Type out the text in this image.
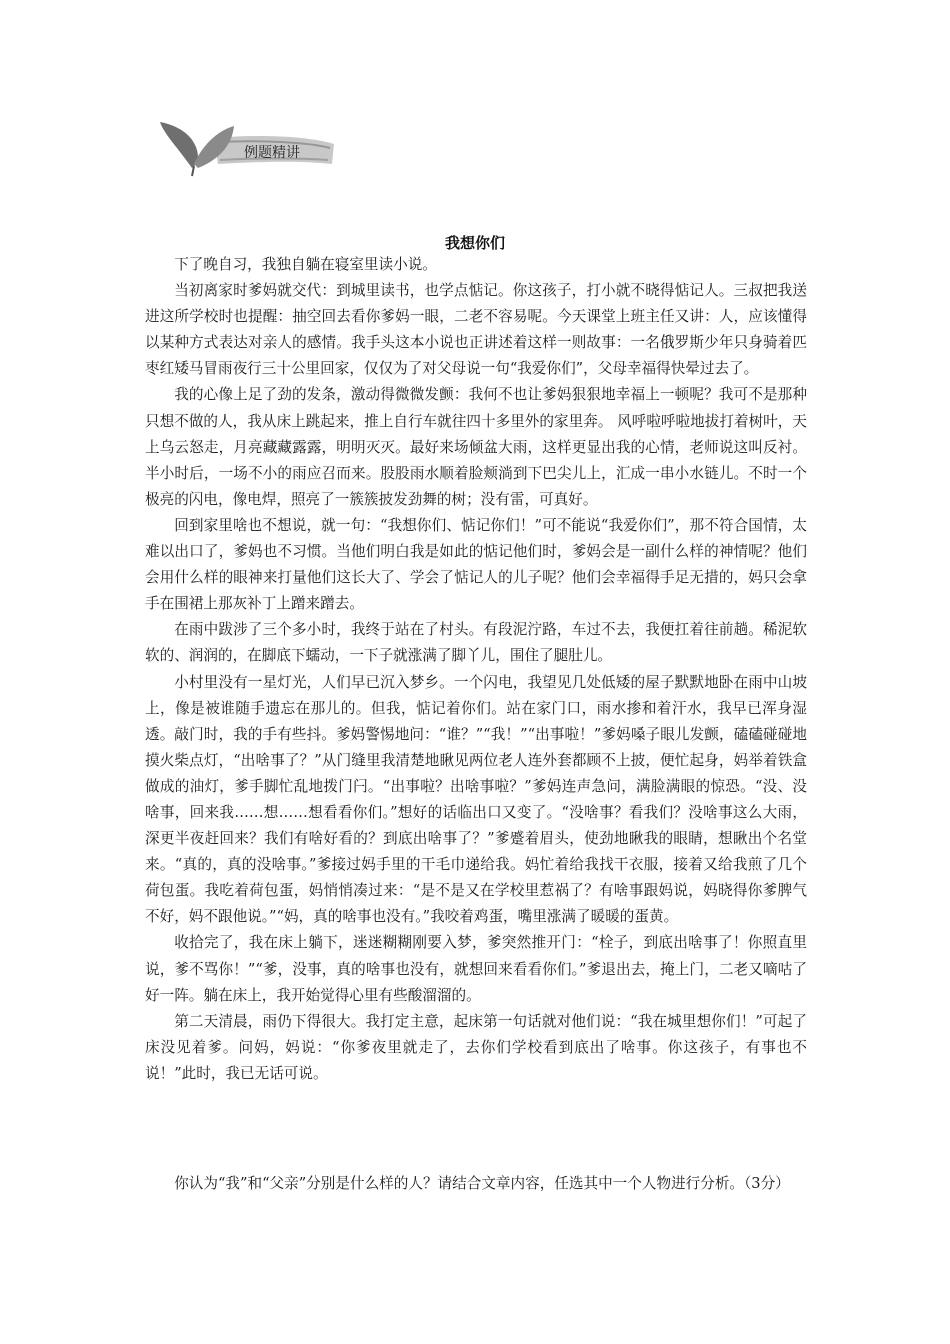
例题精讲
我想你们

下了晚自习，我独自躺在寝室里读小说。

当初离家时爹妈就交代：到城里读书，也学点惦记。你这孩子，打小就不晓得惦记人。三叔把我送进这所学校时也提醒：抽空回去看你爹妈一眼，二老不容易呢。今天课堂上班主任又讲：人，应该懂得以某种方式表达对亲人的感情。我手头这本小说也正讲述着这样一则故事：一名俄罗斯少年只身骑着匹枣红矮马冒雨夜行三十公里回家，仅仅为了对父母说一句“我爱你们”，父母幸福得快晕过去了。

我的心像上足了劲的发条，激动得微微发颤：我何不也让爹妈狠狠地幸福上一顿呢？我可不是那种只想不做的人，我从床上跳起来，推上自行车就往四十多里外的家里奔。 风呼啦呼啦地拔打着树叶，天上乌云怒走，月亮藏藏露露，明明灭灭。最好来场倾盆大雨，这样更显出我的心情，老师说这叫反衬。半小时后，一场不小的雨应召而来。股股雨水顺着脸颊淌到下巴尖儿上，汇成一串小水链儿。不时一个极亮的闪电，像电焊，照亮了一簇簇披发劲舞的树；没有雷，可真好。

回到家里啥也不想说，就一句：“我想你们、惦记你们！”可不能说“我爱你们”，那不符合国情，太难以出口了，爹妈也不习惯。当他们明白我是如此的惦记他们时，爹妈会是一副什么样的神情呢？他们会用什么样的眼神来打量他们这长大了、学会了惦记人的儿子呢？他们会幸福得手足无措的，妈只会拿手在围裙上那灰补丁上蹭来蹭去。

在雨中跋涉了三个多小时，我终于站在了村头。有段泥泞路，车过不去，我便扛着往前趟。稀泥软软的、润润的，在脚底下蠕动，一下子就涨满了脚丫儿，围住了腿肚儿。

小村里没有一星灯光，人们早已沉入梦乡。一个闪电，我望见几处低矮的屋子默默地卧在雨中山坡上，像是被谁随手遗忘在那儿的。但我，惦记着你们。站在家门口，雨水掺和着汗水，我早已浑身湿透。敲门时，我的手有些抖。爹妈警惕地问：“谁？”“我！”“出事啦！”爹妈嗓子眼儿发颤，磕磕碰碰地摸火柴点灯，“出啥事了？”从门缝里我清楚地瞅见两位老人连外套都顾不上披，便忙起身，妈举着铁盒做成的油灯，爹手脚忙乱地拨门闩。“出事啦？出啥事啦？”爹妈连声急问，满脸满眼的惊恐。“没、没啥事，回来我……想……想看看你们。”想好的话临出口又变了。“没啥事？看我们？没啥事这么大雨，深更半夜赶回来？我们有啥好看的？到底出啥事了？”爹蹙着眉头，使劲地瞅我的眼睛，想瞅出个名堂来。“真的，真的没啥事。”爹接过妈手里的干毛巾递给我。妈忙着给我找干衣服，接着又给我煎了几个荷包蛋。我吃着荷包蛋，妈悄悄凑过来：“是不是又在学校里惹祸了？有啥事跟妈说，妈晓得你爹脾气不好，妈不跟他说。”“妈，真的啥事也没有。”我咬着鸡蛋，嘴里涨满了暖暖的蛋黄。

收拾完了，我在床上躺下，迷迷糊糊刚要入梦，爹突然推开门：“栓子，到底出啥事了！你照直里说，爹不骂你！”“爹，没事，真的啥事也没有，就想回来看看你们。”爹退出去，掩上门，二老又嘀咕了好一阵。躺在床上，我开始觉得心里有些酸溜溜的。

第二天清晨，雨仍下得很大。我打定主意，起床第一句话就对他们说：“我在城里想你们！”可起了床没见着爹。问妈，妈说：“你爹夜里就走了，去你们学校看到底出了啥事。你这孩子，有事也不说！”此时，我已无话可说。

你认为“我”和“父亲”分别是什么样的人？请结合文章内容，任选其中一个人物进行分析。（3分）
